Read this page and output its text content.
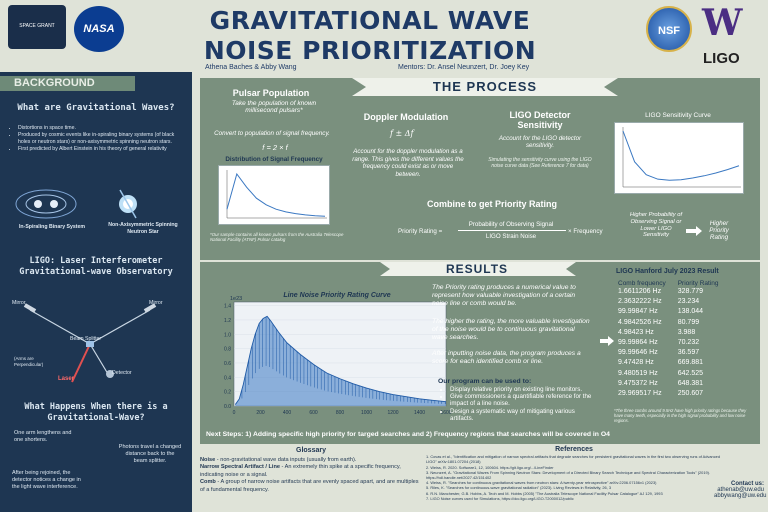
SPACE GRANT	NASA	GRAVITATIONAL WAVE
NOISE PRIORITIZATION
Athena Baches & Abby Wang	Mentors: Dr. Ansel Neunzert, Dr. Joey Key
NSF W
LIGO
BACKGROUND
What are Gravitational Waves?
• Distortions in space time.
• Produced by cosmic events like in-spiraling binary systems (of black holes or neutron stars) or non-axisymmetric spinning neutron stars.
• First predicted by Albert Einstein in his theory of general relativity
In-Spiraling Binary System	Non-Axisymmetric Spinning Neutron Star
LIGO: Laser Interferometer Gravitational-wave Observatory
Mirror	Mirror
Beam Splitter
(Arms are Perpendicular)
Laser
Detector
What Happens When there is a Gravitational-Wave?
One arm lengthens and one shortens.
Photons travel a changed distance back to the beam splitter.
After being rejoined, the detector notices a change in the light wave interference.
THE PROCESS
Pulsar Population
Take the population of known millisecond pulsars*
Convert to population of signal frequency.
f = 2 × f
Distribution of Signal Frequency
*Our sample contains all known pulsars from the Australia Telescope National Facility (ATNF) Pulsar catalog
Doppler Modulation
f ± Δf
Account for the doppler modulation as a range. This gives the different values the frequency could exist as or move between.
LIGO Detector Sensitivity
Account for the LIGO detector sensitivity.
Simulating the sensitivity curve using the LIGO noise curve data (See Reference 7 for data)
LIGO Sensitivity Curve
Combine to get Priority Rating
Priority Rating =
Probability of Observing Signal
LIGO Strain Noise
× Frequency
Higher Probability of Observing Signal or Lower LIGO Sensitivity
Higher Priority Rating
RESULTS
0	200	400	600	800	1000	1200	1400	1600
0.0
0.2
0.4
0.6
0.8
1.0
1.2
1.4
Line Noise Priority Rating Curve
1e23
The Priority rating produces a numerical value to represent how valuable investigation of a certain noise line or comb would be.
The higher the rating, the more valuable investigation of the noise would be to continuous gravitational wave searches.
After inputting noise data, the program produces a score for each identified comb or line.
Our program can be used to:
• Display relative priority on existing line monitors.
• Give commissioners a quantifiable reference for the impact of a line noise.
• Design a systematic way of mitigating various artifacts.
Next Steps: 1) Adding specific high priority for targed searches and 2) Frequency regions that searches will be covered in O4
LIGO Hanford July 2023 Result
Comb frequency	Priority Rating
1.6611206 Hz	328.779
2.3632222 Hz	23.234
99.99847 Hz	138.044
4.9842526 Hz	80.799
4.98423 Hz	3.988
99.99864 Hz	70.232
99.99646 Hz	36.597
9.47428 Hz	669.881
9.480519 Hz	642.525
9.475372 Hz	648.381
29.969517 Hz	250.607
*The three combs around 9.5Hz have high priority ratings because they have many teeth, especially in the high signal probability and low noise regions.
Glossary
Noise - non-gravitational wave data inputs (usually from earth).
Narrow Spectral Artifact / Line - An extremely thin spike at a specific frequency, indicating noise or a signal.
Comb - A group of narrow noise artifacts that are evenly spaced apart, and are multiples of a fundamental frequency.
References
1. Covas et al., "Identification and mitigation of narrow spectral artifacts that degrade searches for persistent gravitational waves in the first two observing runs of Advanced LIGO" arXiv:1801.07204 (2018)
2. Weiss, R. 2020. Software1, 12, 100604. https://git.ligo.org/.../LineFinder
3. Neunzert, A. "Gravitational Waves From Spinning Neutron Stars: Development of a Directed Binary Search Technique and Spectral Characterization Tools" (2019). https://hdl.handle.net/2027.42/151402
4. Weiss, R. "Searches for continuous gravitational waves from neutron stars: A twenty-year retrospective" arXiv:2206.07156v1 (2023)
5. Riles, K. "Searches for continuous-wave gravitational radiation" (2023). Living Reviews in Relativity, 26, 3
6. R.N. Manchester, G.B. Hobbs, A. Teoh and M. Hobbs (2005) "The Australia Telescope National Facility Pulsar Catalogue" AJ 129, 1993
7. LIGO Noise curves used for Simulations, https://dcc.ligo.org/LIGO-T2000012/public
Contact us:
athenab@uw.edu
abbywang@uw.edu
